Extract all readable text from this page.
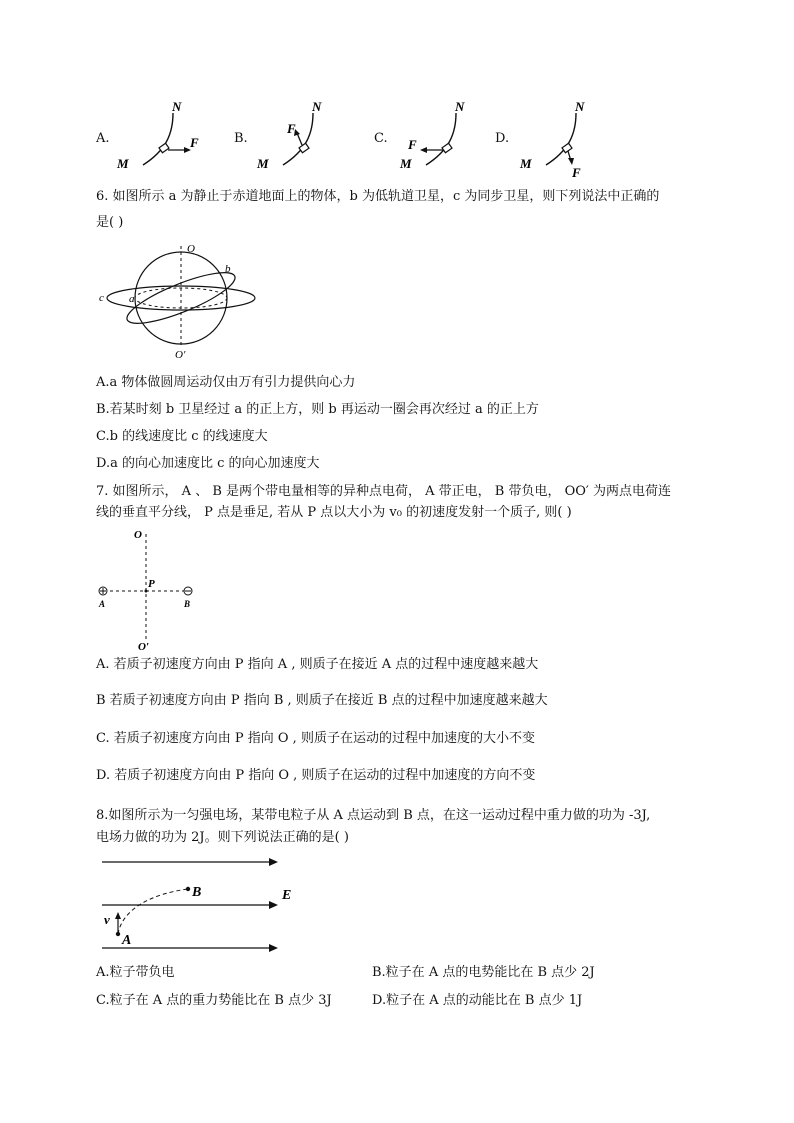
A.	B.	C.	D.
N
M
F
N
M
F
N
M
F
N
M
F
6. 如图所示 a 为静止于赤道地面上的物体，b 为低轨道卫星，c 为同步卫星，则下列说法中正确的
是( )
O
O′
a
b
c
A.a 物体做圆周运动仅由万有引力提供向心力
B.若某时刻 b 卫星经过 a 的正上方，则 b 再运动一圈会再次经过 a 的正上方
C.b 的线速度比 c 的线速度大
D.a 的向心加速度比 c 的向心加速度大
7. 如图所示， A 、 B 是两个带电量相等的异种点电荷， A 带正电， B 带负电， OO′ 为两点电荷连
线的垂直平分线， P 点是垂足, 若从 P 点以大小为 v₀ 的初速度发射一个质子, 则( )
O
O′
P
A	B
A. 若质子初速度方向由 P 指向 A , 则质子在接近 A 点的过程中速度越来越大
B 若质子初速度方向由 P 指向 B , 则质子在接近 B 点的过程中加速度越来越大
C. 若质子初速度方向由 P 指向 O , 则质子在运动的过程中加速度的大小不变
D. 若质子初速度方向由 P 指向 O , 则质子在运动的过程中加速度的方向不变
8.如图所示为一匀强电场，某带电粒子从 A 点运动到 B 点，在这一运动过程中重力做的功为 -3J,
电场力做的功为 2J。则下列说法正确的是( )
A
B	E
v
A.粒子带负电	B.粒子在 A 点的电势能比在 B 点少 2J
C.粒子在 A 点的重力势能比在 B 点少 3J	D.粒子在 A 点的动能比在 B 点少 1J
